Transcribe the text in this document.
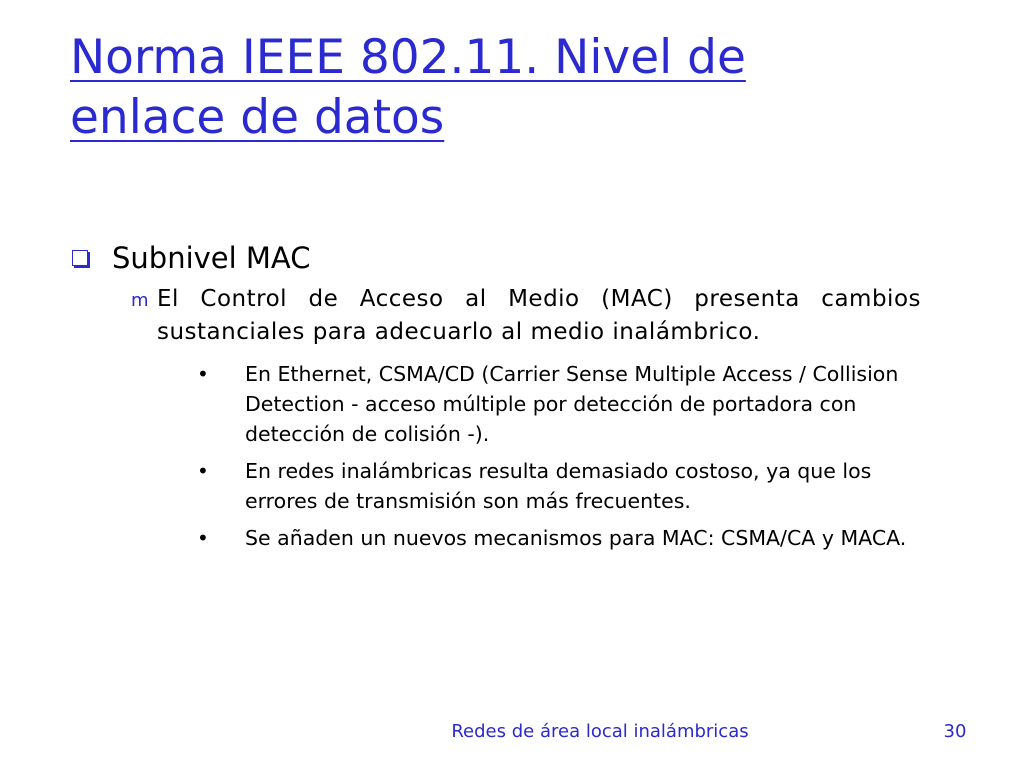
Norma IEEE 802.11. Nivel de enlace de datos
Subnivel MAC
m El Control de Acceso al Medio (MAC) presenta cambios sustanciales para adecuarlo al medio inalámbrico.
•	En Ethernet, CSMA/CD (Carrier Sense Multiple Access / Collision Detection - acceso múltiple por detección de portadora con detección de colisión -).
•	En redes inalámbricas resulta demasiado costoso, ya que los errores de transmisión son más frecuentes.
•	Se añaden un nuevos mecanismos para MAC: CSMA/CA y MACA.
Redes de área local inalámbricas	30
